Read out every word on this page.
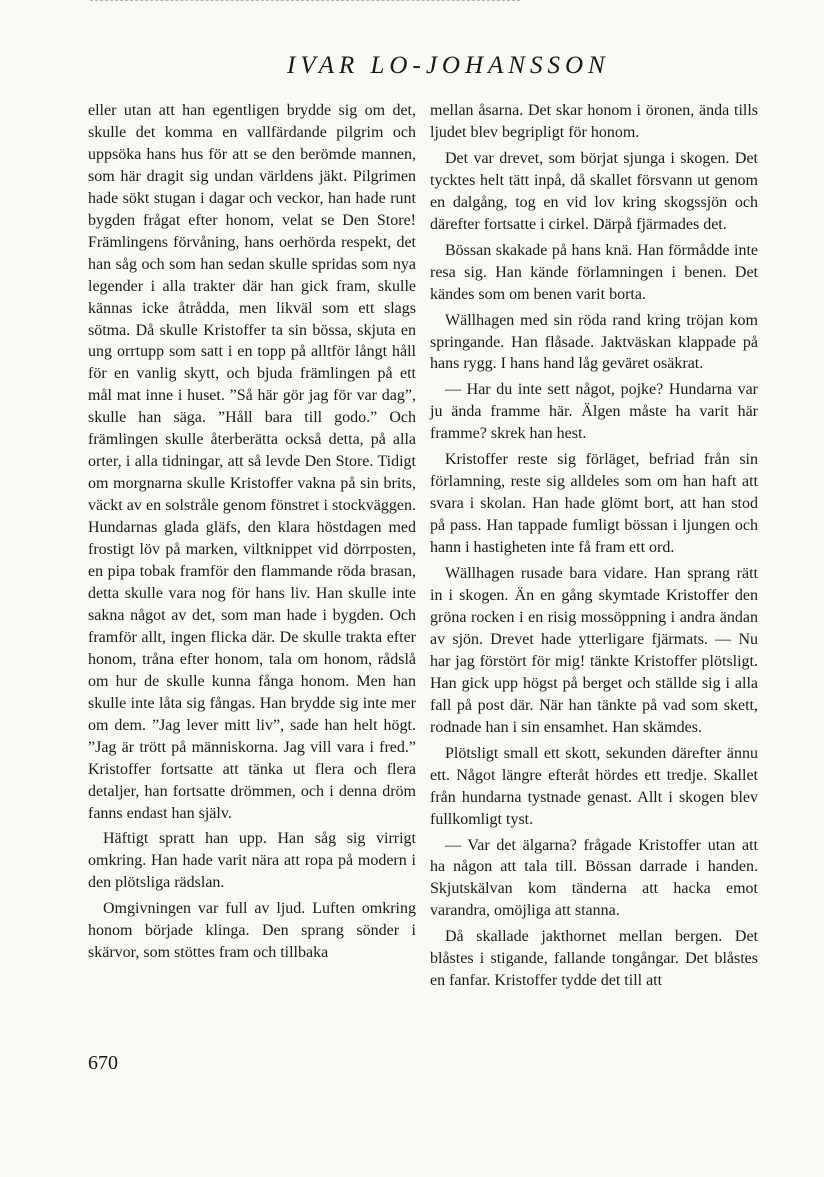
IVAR LO-JOHANSSON

eller utan att han egentligen brydde sig om det, skulle det komma en vallfärdande pilgrim och uppsöka hans hus för att se den berömde mannen, som här dragit sig undan världens jäkt. Pilgrimen hade sökt stugan i dagar och veckor, han hade runt bygden frågat efter honom, velat se Den Store! Främlingens förvåning, hans oerhörda respekt, det han såg och som han sedan skulle spridas som nya legender i alla trakter där han gick fram, skulle kännas icke åtrådda, men likväl som ett slags sötma. Då skulle Kristoffer ta sin bössa, skjuta en ung orrtupp som satt i en topp på alltför långt håll för en vanlig skytt, och bjuda främlingen på ett mål mat inne i huset. ”Så här gör jag för var dag”, skulle han säga. ”Håll bara till godo.” Och främlingen skulle återberätta också detta, på alla orter, i alla tidningar, att så levde Den Store. Tidigt om morgnarna skulle Kristoffer vakna på sin brits, väckt av en solstråle genom fönstret i stockväggen. Hundarnas glada gläfs, den klara höstdagen med frostigt löv på marken, viltknippet vid dörrposten, en pipa tobak framför den flammande röda brasan, detta skulle vara nog för hans liv. Han skulle inte sakna något av det, som man hade i bygden. Och framför allt, ingen flicka där. De skulle trakta efter honom, tråna efter honom, tala om honom, rådslå om hur de skulle kunna fånga honom. Men han skulle inte låta sig fångas. Han brydde sig inte mer om dem. ”Jag lever mitt liv”, sade han helt högt. ”Jag är trött på människorna. Jag vill vara i fred.” Kristoffer fortsatte att tänka ut flera och flera detaljer, han fortsatte drömmen, och i denna dröm fanns endast han själv.

Häftigt spratt han upp. Han såg sig virrigt omkring. Han hade varit nära att ropa på modern i den plötsliga rädslan.

Omgivningen var full av ljud. Luften omkring honom började klinga. Den sprang sönder i skärvor, som stöttes fram och tillbaka

mellan åsarna. Det skar honom i öronen, ända tills ljudet blev begripligt för honom.

Det var drevet, som börjat sjunga i skogen. Det tycktes helt tätt inpå, då skallet försvann ut genom en dalgång, tog en vid lov kring skogssjön och därefter fortsatte i cirkel. Därpå fjärmades det.

Bössan skakade på hans knä. Han förmådde inte resa sig. Han kände förlamningen i benen. Det kändes som om benen varit borta.

Wällhagen med sin röda rand kring tröjan kom springande. Han flåsade. Jaktväskan klappade på hans rygg. I hans hand låg geväret osäkrat.

— Har du inte sett något, pojke? Hundarna var ju ända framme här. Älgen måste ha varit här framme? skrek han hest.

Kristoffer reste sig förläget, befriad från sin förlamning, reste sig alldeles som om han haft att svara i skolan. Han hade glömt bort, att han stod på pass. Han tappade fumligt bössan i ljungen och hann i hastigheten inte få fram ett ord.

Wällhagen rusade bara vidare. Han sprang rätt in i skogen. Än en gång skymtade Kristoffer den gröna rocken i en risig mossöppning i andra ändan av sjön. Drevet hade ytterligare fjärmats. — Nu har jag förstört för mig! tänkte Kristoffer plötsligt. Han gick upp högst på berget och ställde sig i alla fall på post där. När han tänkte på vad som skett, rodnade han i sin ensamhet. Han skämdes.

Plötsligt small ett skott, sekunden därefter ännu ett. Något längre efteråt hördes ett tredje. Skallet från hundarna tystnade genast. Allt i skogen blev fullkomligt tyst.

— Var det älgarna? frågade Kristoffer utan att ha någon att tala till. Bössan darrade i handen. Skjutskälvan kom tänderna att hacka emot varandra, omöjliga att stanna.

Då skallade jakthornet mellan bergen. Det blåstes i stigande, fallande tongångar. Det blåstes en fanfar. Kristoffer tydde det till att

670
